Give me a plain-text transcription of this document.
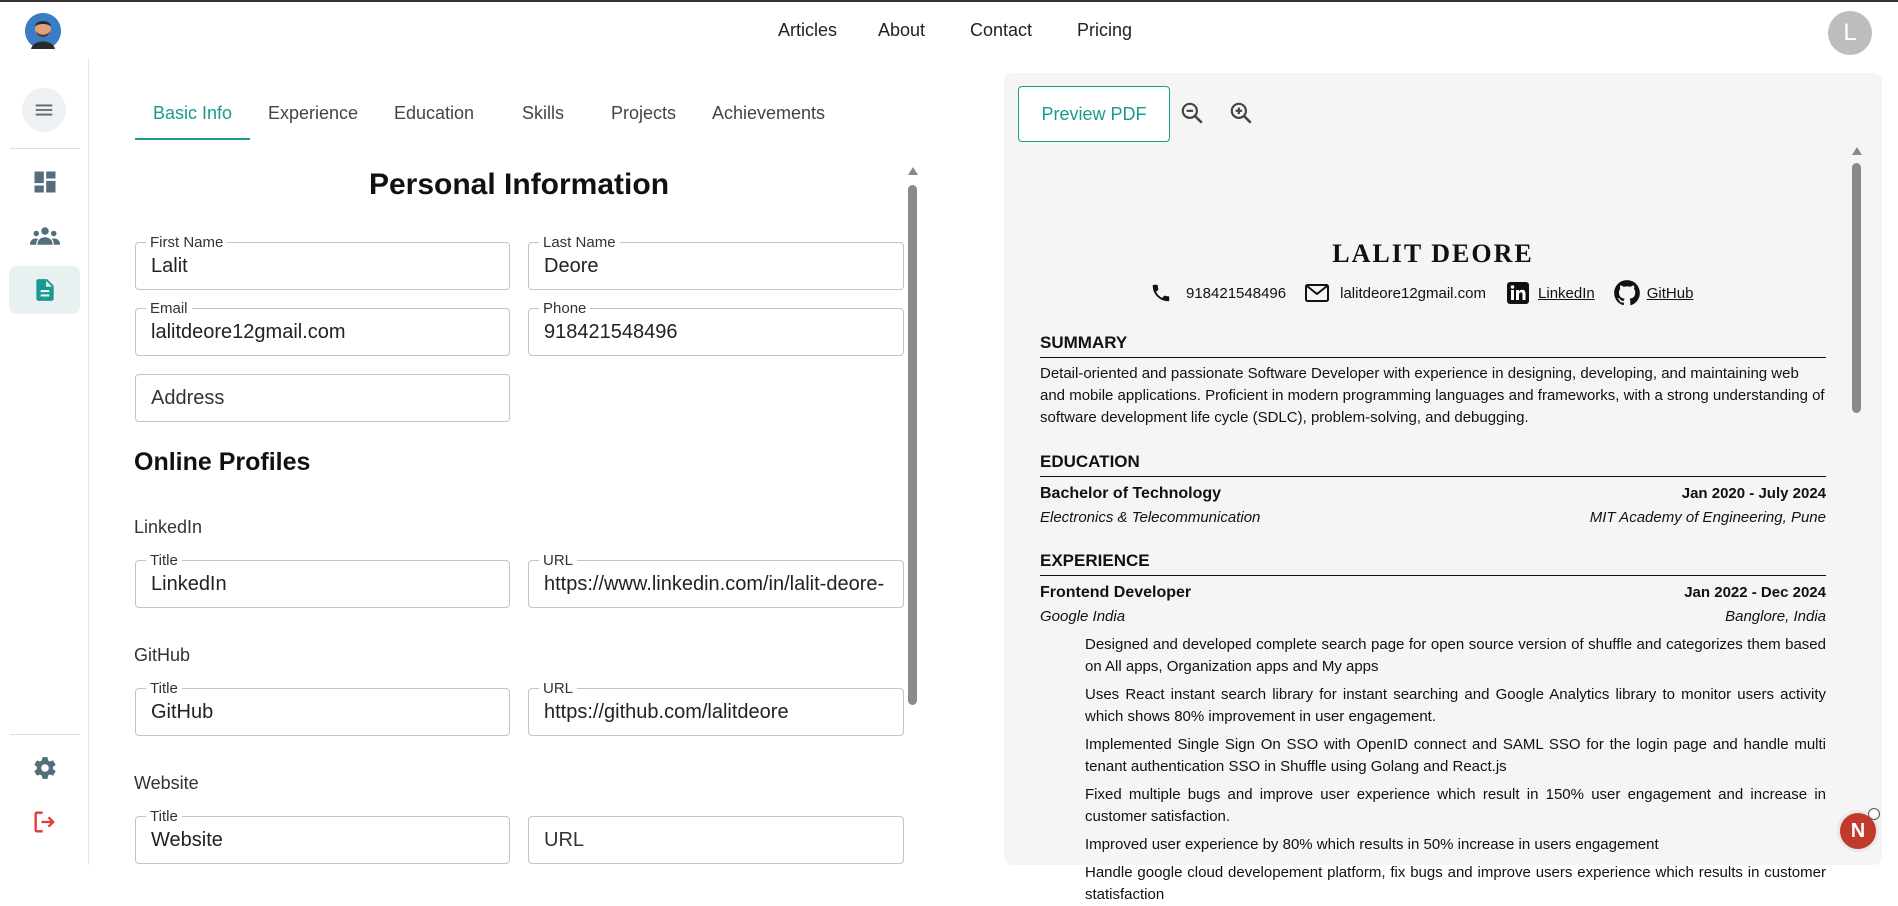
Articles About Contact Pricing	L
Basic Info Experience Education	Skills	Projects Achievements
Personal Information
First Name
Lalit
Last Name
Deore
Email
lalitdeore12gmail.com
Phone
918421548496
Address
Online Profiles
LinkedIn
Title
LinkedIn
URL
https://www.linkedin.com/in/lalit-deore-
GitHub
Title
GitHub
URL
https://github.com/lalitdeore
Website
Title
Website	URL
Preview PDF
LALIT DEORE
918421548496	lalitdeore12gmail.com	LinkedIn	GitHub
SUMMARY
Detail-oriented and passionate Software Developer with experience in designing, developing, and maintaining web and mobile applications. Proficient in modern programming languages and frameworks, with a strong understanding of software development life cycle (SDLC), problem-solving, and debugging.
EDUCATION
Bachelor of Technology	Jan 2020 - July 2024
Electronics & Telecommunication	MIT Academy of Engineering, Pune
EXPERIENCE
Frontend Developer	Jan 2022 - Dec 2024
Google India	Banglore, India
Designed and developed complete search page for open source version of shuffle and categorizes them based on All apps, Organization apps and My apps
Uses React instant search library for instant searching and Google Analytics library to monitor users activity which shows 80% improvement in user engagement.
Implemented Single Sign On SSO with OpenID connect and SAML SSO for the login page and handle multi tenant authentication SSO in Shuffle using Golang and React.js
Fixed multiple bugs and improve user experience which result in 150% user engagement and increase in customer satisfaction.
Improved user experience by 80% which results in 50% increase in users engagement
Handle google cloud developement platform, fix bugs and improve users experience which results in customer statisfaction
N
